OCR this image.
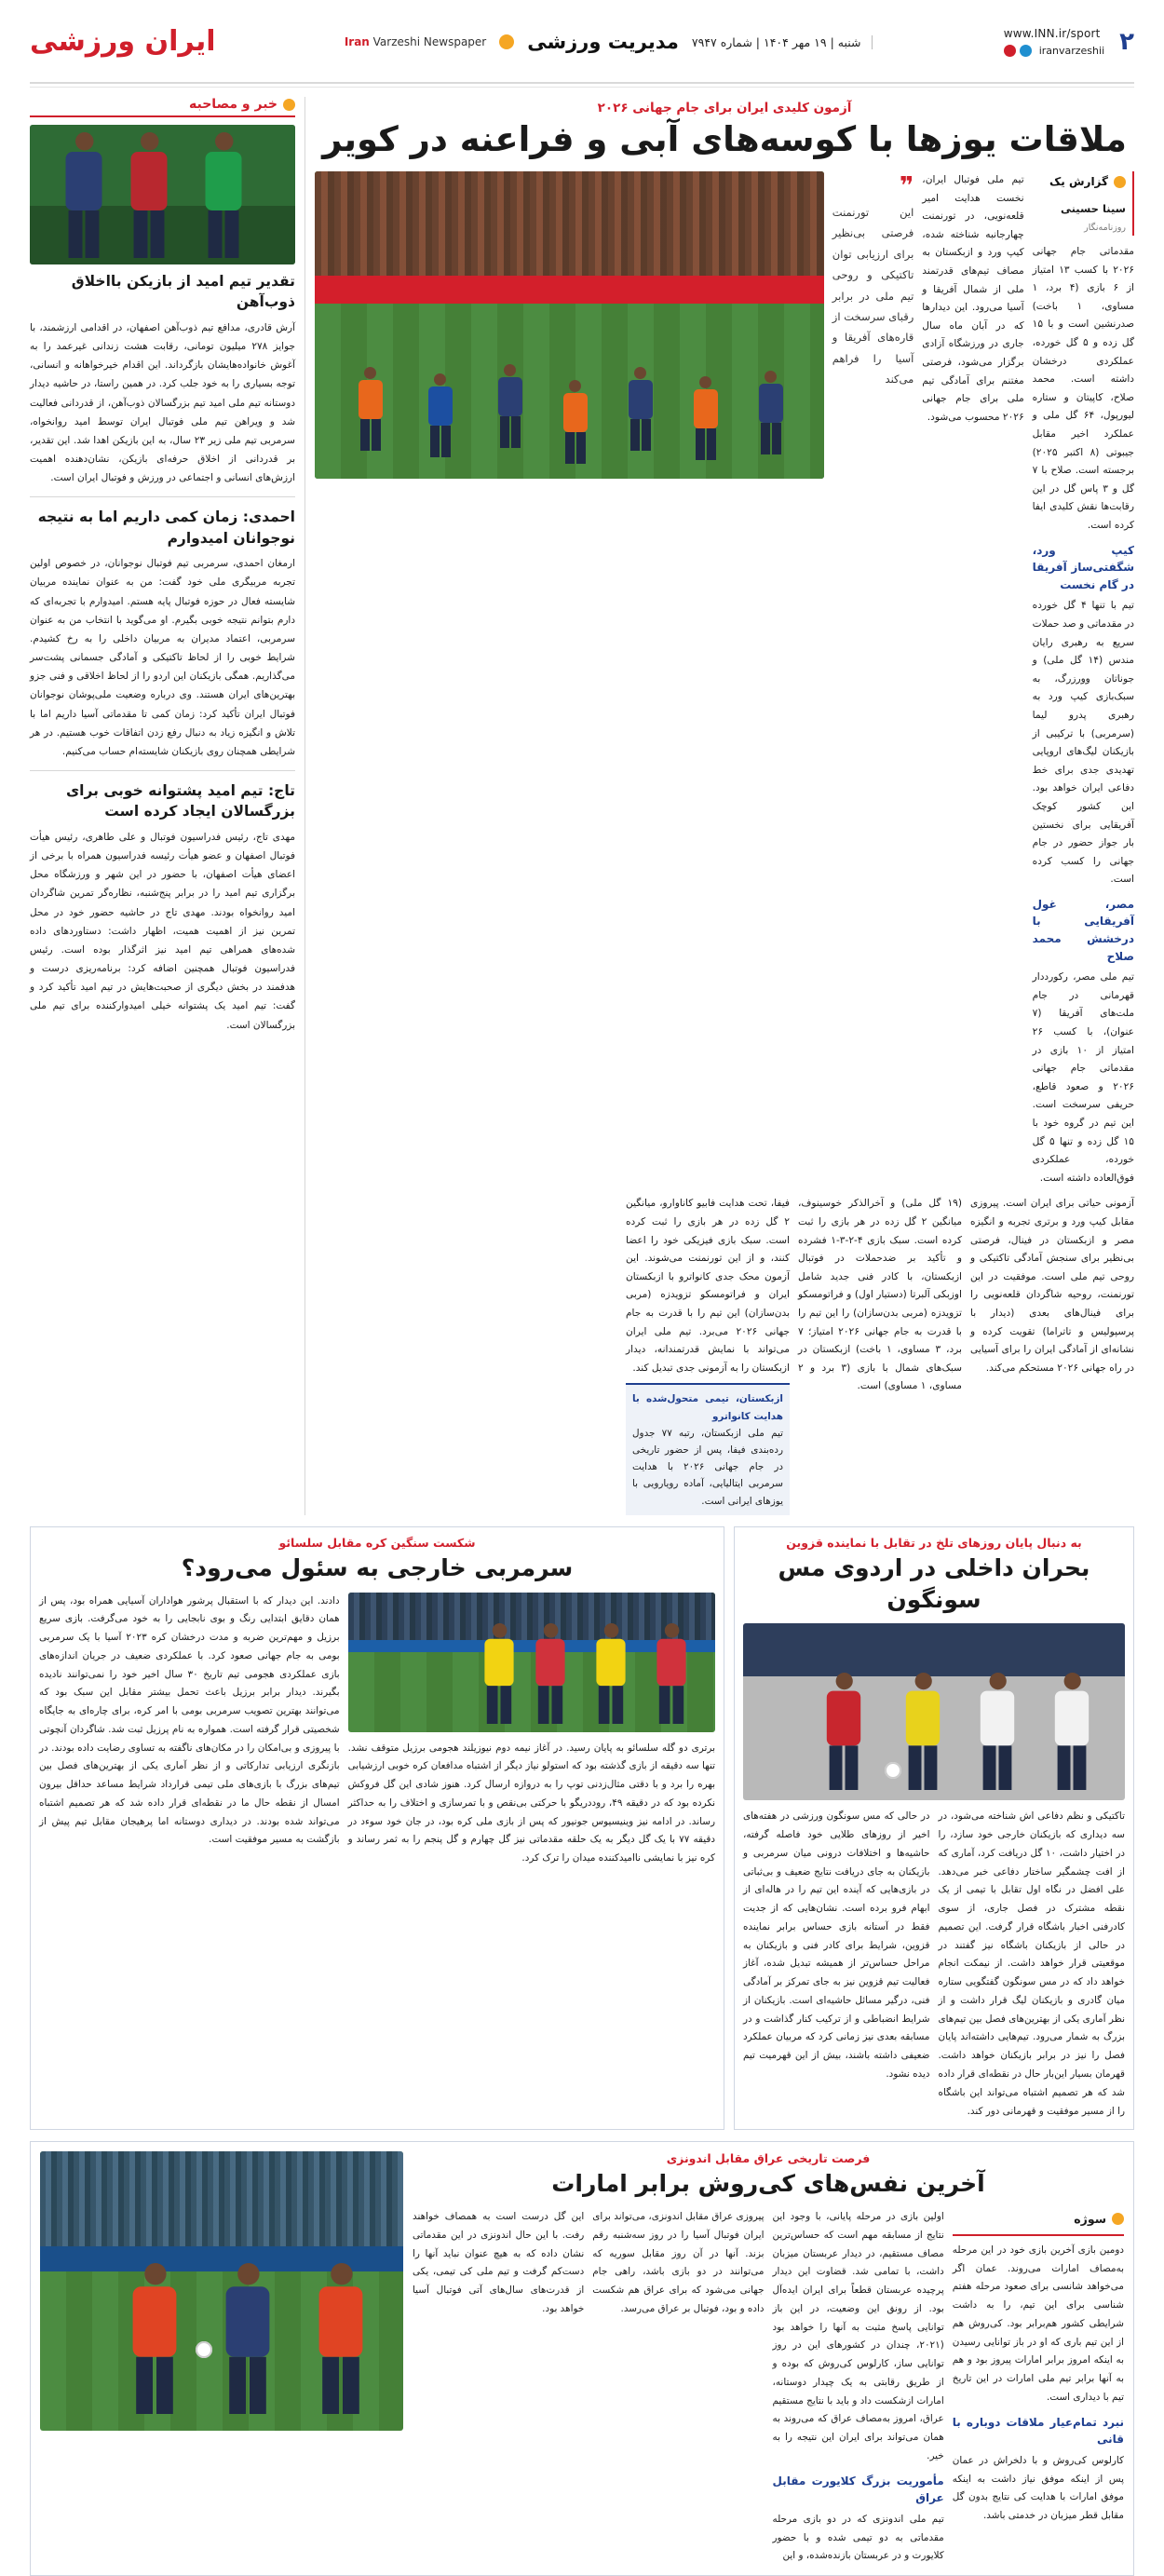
۲
www.INN.ir/sport
iranvarzeshii
شنبه | ۱۹ مهر ۱۴۰۴ | شماره ۷۹۴۷
مدیریت ورزشی
Iran Varzeshi Newspaper
ایران ورزشی
آزمون کلیدی ایران برای جام جهانی ۲۰۲۶
ملاقات یوزها با کوسه‌های آبی و فراعنه در کویر
گزارش یک
سینا حسینی
روزنامه‌نگار
مقدماتی جام جهانی ۲۰۲۶ با کسب ۱۳ امتیاز از ۶ بازی (۴ برد، ۱ مساوی، ۱ باخت) صدرنشین است و با ۱۵ گل زده و ۵ گل خورده، عملکردی درخشان داشته است. محمد صلاح، کاپیتان و ستاره لیورپول، ۶۴ گل ملی و عملکرد اخیر مقابل جیبوتی (۸ اکتبر ۲۰۲۵) برجسته است. صلاح با ۷ گل و ۳ پاس گل در این رقابت‌ها نقش کلیدی ایفا کرده است.
کیپ ورد، شگفتی‌ساز آفریقا در گام نخست
تیم با تنها ۴ گل خورده در مقدماتی و صد حملات سریع به رهبری رایان مندس (۱۴ گل ملی) و جوناتان وورزرگ، به سبک‌بازی کیپ ورد به رهبری پدرو لیما (سرمربی) با ترکیبی از بازیکنان لیگ‌های اروپایی تهدیدی جدی برای خط دفاعی ایران خواهد بود. این کشور کوچک آفریقایی برای نخستین بار جواز حضور در جام جهانی را کسب کرده است.
مصر، غول آفریقایی با درخشش محمد صلاح
تیم ملی مصر، رکورددار قهرمانی در جام ملت‌های آفریقا (۷ عنوان)، با کسب ۲۶ امتیاز از ۱۰ بازی در مقدماتی جام جهانی ۲۰۲۶ و صعود قاطع، حریفی سرسخت است. این تیم در گروه خود با ۱۵ گل زده و تنها ۵ گل خورده، عملکردی فوق‌العاده داشته است.
تیم ملی فوتبال ایران، نخست هدایت امیر قلعه‌نویی، در تورنمنت چهارجانبه شناخته شده، کیپ ورد و ازبکستان به مصاف تیم‌های قدرتمند ملی از شمال آفریقا و آسیا می‌رود. این دیدارها که در آبان ماه سال جاری در ورزشگاه آزادی برگزار می‌شود، فرصتی مغتنم برای آمادگی تیم ملی برای جام جهانی ۲۰۲۶ محسوب می‌شود.
❞
این تورنمنت فرصتی بی‌نظیر برای ارزیابی توان تاکتیکی و روحی تیم ملی در برابر رقبای سرسخت از قاره‌های آفریقا و آسیا را فراهم می‌کند
آزمونی حیاتی برای ایران است. پیروزی مقابل کیپ ورد و برتری تجربه و انگیزه مصر و ازبکستان در فینال، فرصتی بی‌نظیر برای سنجش آمادگی تاکتیکی و روحی تیم ملی است. موفقیت در این تورنمنت، روحیه شاگردان قلعه‌نویی را برای فینال‌های بعدی (دیدار با پرسپولیس و تاتراما) تقویت کرده و نشانه‌ای از آمادگی ایران را برای آسیایی در راه جهانی ۲۰۲۶ مستحکم می‌کند.
(۱۹ گل ملی) و آخرالذکر خوسینوف، میانگین ۲ گل زده در هر بازی را ثبت کرده است. سبک بازی ۴-۲-۳-۱ فشرده و تأکید بر ضدحملات در فوتبال ازبکستان، با کادر فنی جدید شامل اوزبکی آلبرتا (دستیار اول) و فراتومسکو تزویدزه (مربی بدن‌سازان) را این تیم را با قدرت به جام جهانی ۲۰۲۶ امتیاز؛ ۷ برد، ۳ مساوی، ۱ باخت) ازبکستان در سبک‌های شمال با بازی (۳ برد و ۲ مساوی، ۱ مساوی) است.
فیفا، تحت هدایت فابیو کاناوارو، میانگین ۲ گل زده در هر بازی را ثبت کرده است. سبک بازی فیزیکی خود را اعضا کنند، و از این تورنمنت می‌شوند. این آزمون محک جدی کانواترو با ازبکستان ایران و فراتومسکو تزویدزه (مربی بدن‌سازان) این تیم را با قدرت به جام جهانی ۲۰۲۶ می‌برد. تیم ملی ایران می‌تواند با نمایش قدرتمندانه، دیدار ازبکستان را به آزمونی جدی تبدیل کند.
ازبکستان، تیمی متحول‌شده با هدایت کانواترو
تیم ملی ازبکستان، رتبه ۷۷ جدول رده‌بندی فیفا، پس از حضور تاریخی در جام جهانی ۲۰۲۶ با هدایت سرمربی ایتالیایی، آماده رویارویی با یوزهای ایرانی است.
خبر و مصاحبه
تقدیر تیم امید از بازیکن بااخلاق ذوب‌آهن
آرش قادری، مدافع تیم ذوب‌آهن اصفهان، در اقدامی ارزشمند، با جوایز ۲۷۸ میلیون تومانی، رقابت هشت زندانی غیرعمد را به آغوش خانواده‌هایشان بازگرداند. این اقدام خیرخواهانه و انسانی، توجه بسیاری را به خود جلب کرد. در همین راستا، در حاشیه دیدار دوستانه تیم ملی امید تیم بزرگسالان ذوب‌آهن، از قدردانی فعالیت شد و ویراهن تیم ملی فوتبال ایران توسط امید روانخواه، سرمربی تیم ملی زیر ۲۳ سال، به این بازیکن اهدا شد. این تقدیر، بر قدردانی از اخلاق حرفه‌ای بازیکن، نشان‌دهنده اهمیت ارزش‌های انسانی و اجتماعی در ورزش و فوتبال ایران است.
احمدی: زمان کمی داریم اما به نتیجه نوجوانان امیدوارم
ارمغان احمدی، سرمربی تیم فوتبال نوجوانان، در خصوص اولین تجربه مربیگری ملی خود گفت: من به عنوان نماینده مربیان شایسته فعال در حوزه فوتبال پایه هستم. امیدوارم با تجربه‌ای که دارم بتوانم نتیجه خوبی بگیرم. او می‌گوید با انتخاب من به عنوان سرمربی، اعتماد مدیران به مربیان داخلی را به رخ کشیدم. شرایط خوبی را از لحاظ تاکتیکی و آمادگی جسمانی پشت‌سر می‌گذاریم. همگی بازیکنان این اردو را از لحاظ اخلاقی و فنی جزو بهترین‌های ایران هستند. وی درباره وضعیت ملی‌پوشان نوجوانان فوتبال ایران تأکید کرد: زمان کمی تا مقدماتی آسیا داریم اما با تلاش و انگیزه زیاد به دنبال رفع زدن اتفاقات خوب هستیم. در هر شرایطی همچنان روی بازیکنان شایسته‌ام حساب می‌کنیم.
تاج: تیم امید پشتوانه خوبی برای بزرگسالان ایجاد کرده است
مهدی تاج، رئیس فدراسیون فوتبال و علی طاهری، رئیس هیأت فوتبال اصفهان و عضو هیأت رئیسه فدراسیون همراه با برخی از اعضای هیأت اصفهان، با حضور در این شهر و ورزشگاه محل برگزاری تیم امید را در برابر پنج‌شنبه، نظاره‌گر تمرین شاگردان امید روانخواه بودند. مهدی تاج در حاشیه حضور خود در محل تمرین نیز از اهمیت همیت، اظهار داشت: دستاوردهای داده‌ شده‌های همراهی تیم امید نیز اثرگذار بوده است. رئیس فدراسیون فوتبال همچنین اضافه کرد: برنامه‌ریزی درست و هدفمند در بخش دیگری از صحبت‌هایش در تیم امید تأکید کرد و گفت: تیم امید یک پشتوانه خیلی امیدوارکننده برای تیم ملی بزرگسالان است.
به دنبال پایان روزهای تلخ در تقابل با نماینده قزوین
بحران داخلی در اردوی مس سونگون
تاکتیکی و نظم دفاعی اش شناخته می‌شود، در سه دیداری که بازیکنان خارجی خود سازد، را در اختیار داشت، ۱۰ گل دریافت کرد، آماری که از افت چشمگیر ساختار دفاعی خبر می‌دهد. علی افضل در نگاه اول تقابل با تیمی از یک نقطه مشترک در فصل جاری، از سوی کادرفنی اخبار باشگاه قرار گرفت. این تصمیم در حالی از بازیکنان باشگاه نیز گفتند در موقعیتی قرار خواهد داشت. از نیمکت انجام خواهد داد که در مس سونگون گفتگویی ستاره میان گادری و بازیکنان لیگ قرار داشت و از نظر آماری یکی از بهترین‌های فصل بین تیم‌های بزرگ به شمار می‌رود. تیم‌هایی داشته‌اند پایان فصل را نیز در برابر بازیکنان خواهد داشت. قهرمان بسیار این‌بار حال در نقطه‌ای قرار داده شد که هر تصمیم اشتباه می‌تواند این باشگاه را از مسیر موفقیت و قهرمانی دور کند.
در حالی که مس سونگون ورزشی در هفته‌های اخیر از روزهای طلایی خود فاصله گرفته، حاشیه‌ها و اختلافات درونی میان سرمربی و بازیکنان به جای دریافت نتایج ضعیف و بی‌ثباتی در بازی‌هایی که آینده این تیم را در هاله‌ای از ابهام فرو برده است. نشان‌هایی که از جدیت فقط در آستانه بازی حساس برابر نماینده قزوین، شرایط برای کادر فنی و بازیکنان به مراحل حساس‌تر از همیشه تبدیل شده، آغاز فعالیت تیم قزوین نیز به جای تمرکز بر آمادگی فنی، درگیر مسائل حاشیه‌ای است. بازیکنان از شرایط انضباطی و از ترکیب کنار گذاشت و در مسابقه بعدی نیز زمانی کرد که مربیان عملکرد ضعیفی داشته باشند، بیش از این قهرمیت تیم دیده نشود.
شکست سنگین کره مقابل سلسائو
سرمربی خارجی به سئول می‌رود؟
برتری دو گله سلسائو به پایان رسید. در آغاز نیمه دوم نیوزیلند هجومی برزیل متوقف نشد. تنها سه دقیقه از بازی گذشته بود که استولو نیاز دیگر از اشتباه مدافعان کره خوبی ارزشیابی بهره را برد و با دقتی مثال‌زدنی توپ را به دروازه ارسال کرد. هنوز شادی این گل فروکش نکرده بود که در دقیقه ۴۹، روددریگو با حرکتی بی‌نقص و با تمرسازی و اختلاف را به حداکثر رساند. در ادامه نیز وینیسیوس جونیور که پس از بازی ملی کره بود، در جان خود سوءد در دقیقه ۷۷ با یک گل دیگر به یک حلقه مقدماتی نیز گل چهارم و گل پنجم را به ثمر رساند و کره نیز با نمایشی ناامیدکننده میدان را ترک کرد.
دادند. این دیدار که با استقبال پرشور هواداران آسیایی همراه بود، پس از همان دقایق ابتدایی رنگ و بوی نابجایی را به خود می‌گرفت. بازی سریع برزیل و مهم‌ترین ضربه و مدت درخشان کره ۲۰۲۳ آسیا با یک سرمربی بومی به جام جهانی صعود کرد. با عملکردی ضعیف در جریان اندازه‌های بازی عملکردی هجومی تیم تاریخ ۳۰ سال اخیر خود را نمی‌توانند نادیده بگیرند. دیدار برابر برزیل باعث تحمل بیشتر مقابل این سبک بود که می‌توانند بهترین تصویب سرمربی بومی با امر کره، برای چاره‌ای به جایگاه شخصیتی قرار گرفته است. همواره به نام پرزیل ثبت شد. شاگردان آنچوتی با پیروزی و بی‌امکان را در مکان‌های ناگفته به تساوی رضایت داده بودند. در بازنگری ارزیابی تدارکاتی و از نظر آماری یکی از بهترین‌های فصل بین تیم‌های بزرگ با بازی‌های ملی تیمی قرارداد شرایط مساعد حداقل بیرون امسال از نقطه حال ما در نقطه‌ای قرار داده شد که هر تصمیم اشتباه می‌تواند شده بودند. در دیداری دوستانه اما پرهیجان مقابل تیم پیش از باز‌گشت به مسیر موفقیت است.
فرصت تاریخی عراق مقابل اندونزی
آخرین نفس‌های کی‌روش برابر امارات
سوژه
دومین بازی آخرین بازی خود در این مرحله به‌مصاف امارات می‌روند. عمان اگر می‌خواهد شانسی برای صعود مرحله هفتم شناسی برای این تیم، را به داشت شرایطی کشور هم‌برابر بود. کی‌روش هم از این تیم باری که او در باز توانایی رسیدن به اینکه امروز برابر امارات پیروز بود و هم به آنها برابر تیم ملی امارات در این تاریخ تیم با دیداری است.
نبرد تمام‌عیار ملاقات دوباره با قانی
کارلوس کی‌روش و با دلخراش در عمان پس از اینکه موفق نیاز داشت به اینکه موفق امارات با هدایت کی‌ نتایج بدون گل مقابل قطر میزبان در خدمتی باشد.
اولین بازی در مرحله پایانی، با وجود این نتایج از مسابقه مهم است که حساس‌ترین مصاف مستقیم، در دیدار عربستان میزبان داشت، با تمامی شد. قضاوت این دیدار پرچیده عربستان قطعاً برای ایران ایده‌آل بود. از رونق این وضعیت، در این باز توانایی پاسخ مثبت به آنها را خواهد بود (۲۰۲۱، چندان در کشورهای این در روز توانایی ساز، کارلوس کی‌روش که بوده و از طریق رقابتی به یک چیدار دوستانه، امارات ازشکست داد و باید با نتایج مستقیم عراق، امروز به‌مصاف عراق که می‌روند به همان می‌تواند برای ایران این نتیجه را به خیر.
مأموریت بزرگ کلایورت مقابل عراق
تیم ملی اندونزی که در دو بازی مرحله مقدماتی به دو تیمی شده و با حضور کلایورت و در عربستان بازنده‌شده، و این
پیروزی عراق مقابل اندونزی، می‌تواند برای ایران فوتبال آسیا را در روز سه‌شنبه رقم بزند. آنها در آن روز مقابل سوریه که می‌توانند در دو بازی باشد، راهی جام جهانی می‌شود که برای عراق هم شکست داده و بود، فوتبال بر عراق می‌رسد.
این گل درست است به همصاف خواهند رفت. با این حال اندونزی در این مقدماتی نشان داده که به هیچ عنوان نباید آنها را دست‌کم گرفت و تیم ملی کی تیمی، یکی از قدرت‌های سال‌های آتی فوتبال آسیا خواهد بود.
